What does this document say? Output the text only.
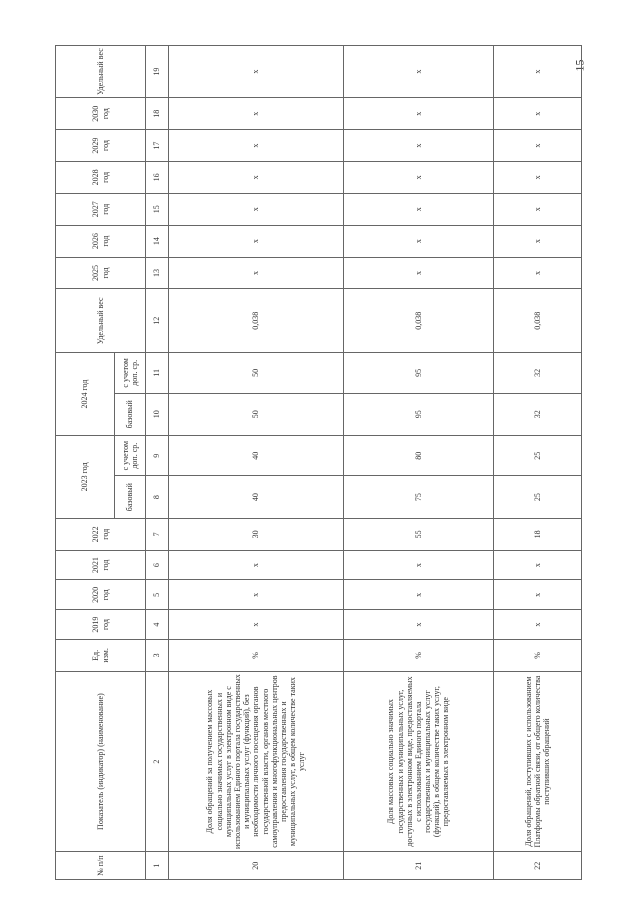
15
№ п/п	Показатель (индикатор) (наименование)	Ед. изм.	2019 год	2020 год	2021 год	2022 год	2023 год		2024 год		Удельный вес	2025 год	2026 год	2027 год	2028 год	2029 год	2030 год	Удельный вес
							базовый	с учетом доп. ср.	базовый	с учетом доп. ср.								
1	2	3	4	5	6	7	8	9	10	11	12	13	14	15	16	17	18	19
20	Доля обращений за получением массовых социально значимых государственных и муниципальных услуг в электронном виде с использованием Единого портала государственных и муниципальных услуг (функций), без необходимости личного посещения органов государственной власти, органов местного самоуправления и многофункциональных центров предоставления государственных и муниципальных услуг, в общем количестве таких услуг	%	x	x	x	30	40	40	50	50	0,038	x	x	x	x	x	x	x
21	Доля массовых социально значимых государственных и муниципальных услуг, доступных в электронном виде, предоставляемых с использованием Единого портала государственных и муниципальных услуг (функций), в общем количестве таких услуг, предоставляемых в электронном виде	%	x	x	x	55	75	80	95	95	0,038	x	x	x	x	x	x	x
22	Доля обращений, поступивших с использованием Платформы обратной связи, от общего количества поступивших обращений	%	x	x	x	18	25	25	32	32	0,038	x	x	x	x	x	x	x
